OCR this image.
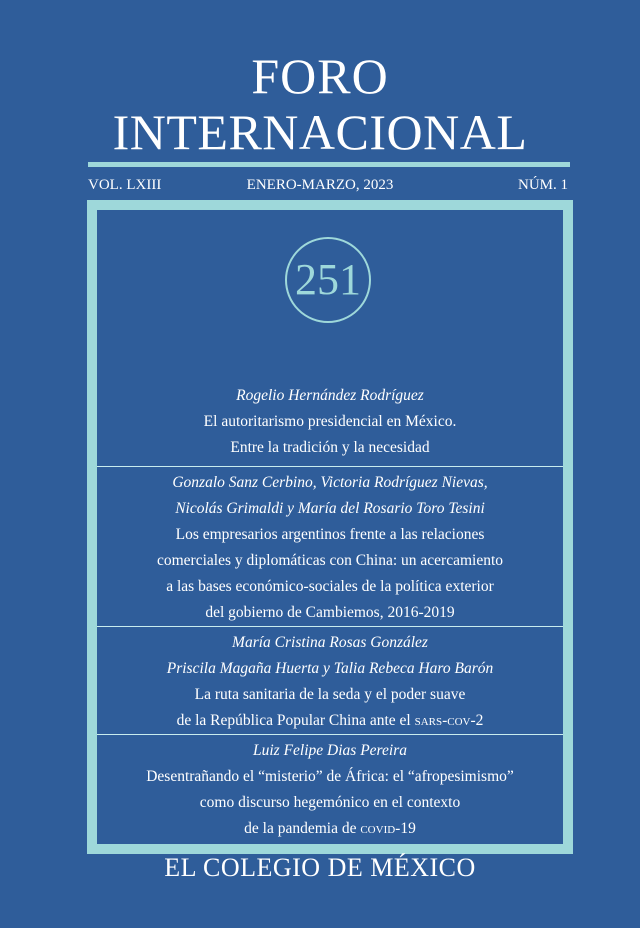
FORO
INTERNACIONAL
VOL. LXIII	ENERO-MARZO, 2023	NÚM. 1
251
Rogelio Hernández Rodríguez
El autoritarismo presidencial en México.
Entre la tradición y la necesidad
Gonzalo Sanz Cerbino, Victoria Rodríguez Nievas,
Nicolás Grimaldi y María del Rosario Toro Tesini
Los empresarios argentinos frente a las relaciones
comerciales y diplomáticas con China: un acercamiento
a las bases económico-sociales de la política exterior
del gobierno de Cambiemos, 2016-2019
María Cristina Rosas González
Priscila Magaña Huerta y Talia Rebeca Haro Barón
La ruta sanitaria de la seda y el poder suave
de la República Popular China ante el sars-cov-2
Luiz Felipe Dias Pereira
Desentrañando el “misterio” de África: el “afropesimismo”
como discurso hegemónico en el contexto
de la pandemia de covid-19
EL COLEGIO DE MÉXICO
